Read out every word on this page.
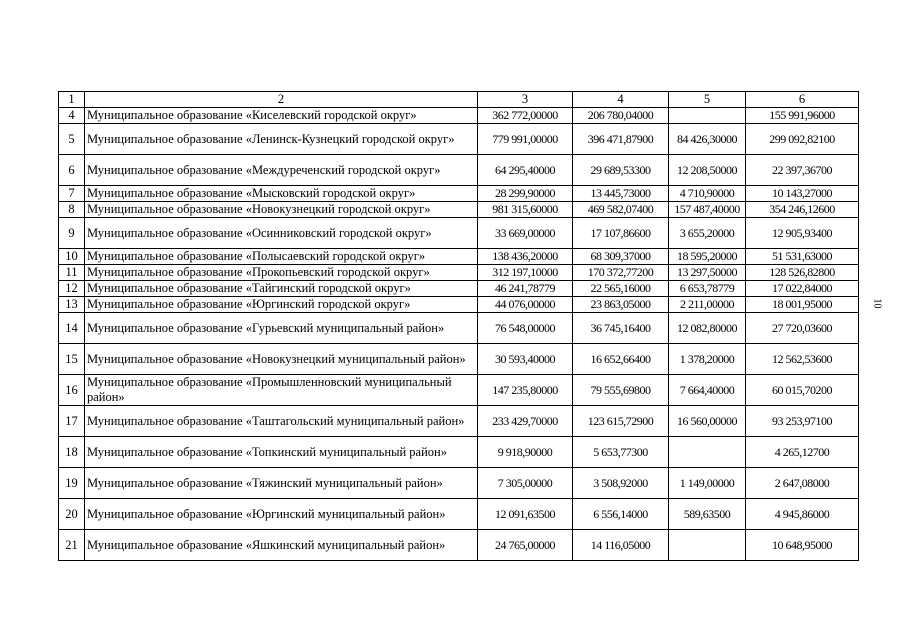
1	2	3	4	5	6
4	Муниципальное образование «Киселевский городской округ»	362 772,00000	206 780,04000		155 991,96000
5	Муниципальное образование «Ленинск-Кузнецкий городской округ»	779 991,00000	396 471,87900	84 426,30000	299 092,82100
6	Муниципальное образование «Междуреченский городской округ»	64 295,40000	29 689,53300	12 208,50000	22 397,36700
7	Муниципальное образование «Мысковский городской округ»	28 299,90000	13 445,73000	4 710,90000	10 143,27000
8	Муниципальное образование «Новокузнецкий городской округ»	981 315,60000	469 582,07400	157 487,40000	354 246,12600
9	Муниципальное образование «Осинниковский городской округ»	33 669,00000	17 107,86600	3 655,20000	12 905,93400
10	Муниципальное образование «Полысаевский городской округ»	138 436,20000	68 309,37000	18 595,20000	51 531,63000
11	Муниципальное образование «Прокопьевский городской округ»	312 197,10000	170 372,77200	13 297,50000	128 526,82800
12	Муниципальное образование «Тайгинский городской округ»	46 241,78779	22 565,16000	6 653,78779	17 022,84000
13	Муниципальное образование «Юргинский городской округ»	44 076,00000	23 863,05000	2 211,00000	18 001,95000
14	Муниципальное образование «Гурьевский муниципальный район»	76 548,00000	36 745,16400	12 082,80000	27 720,03600
15	Муниципальное образование «Новокузнецкий муниципальный район»	30 593,40000	16 652,66400	1 378,20000	12 562,53600
16	Муниципальное образование «Промышленновский муниципальный район»	147 235,80000	79 555,69800	7 664,40000	60 015,70200
17	Муниципальное образование «Таштагольский муниципальный район»	233 429,70000	123 615,72900	16 560,00000	93 253,97100
18	Муниципальное образование «Топкинский муниципальный район»	9 918,90000	5 653,77300		4 265,12700
19	Муниципальное образование «Тяжинский муниципальный район»	7 305,00000	3 508,92000	1 149,00000	2 647,08000
20	Муниципальное образование «Юргинский муниципальный район»	12 091,63500	6 556,14000	589,63500	4 945,86000
21	Муниципальное образование «Яшкинский муниципальный район»	24 765,00000	14 116,05000		10 648,95000
10
